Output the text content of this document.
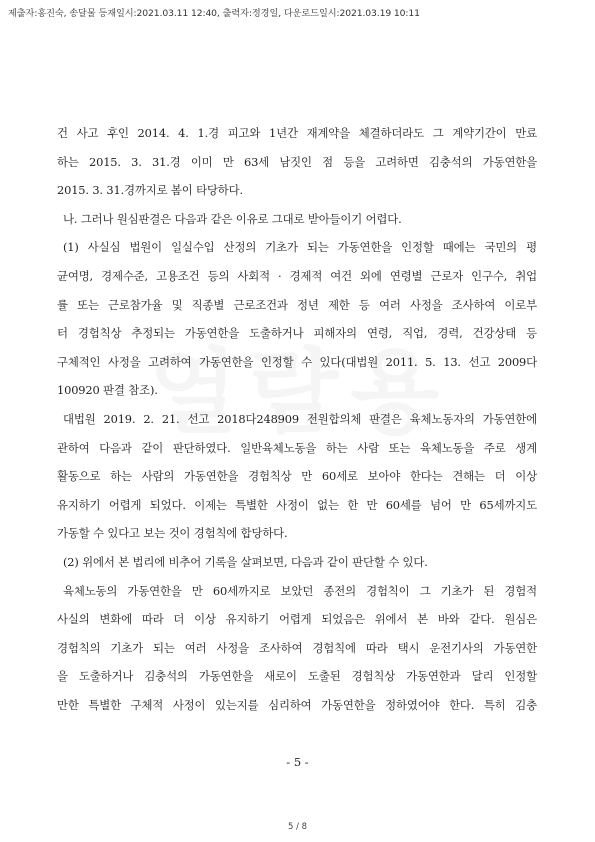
제출자:홍진숙, 송달물 등재일시:2021.03.11 12:40, 출력자:정경일, 다운로드일시:2021.03.19 10:11
건 사고 후인 2014. 4. 1.경 피고와 1년간 재계약을 체결하더라도 그 계약기간이 만료
하는 2015. 3. 31.경 이미 만 63세 남짓인 점 등을 고려하면 김충석의 가동연한을
2015. 3. 31.경까지로 봄이 타당하다.
나. 그러나 원심판결은 다음과 같은 이유로 그대로 받아들이기 어렵다.
(1) 사실심 법원이 일실수입 산정의 기초가 되는 가동연한을 인정할 때에는 국민의 평
균여명, 경제수준, 고용조건 등의 사회적 · 경제적 여건 외에 연령별 근로자 인구수, 취업
률 또는 근로참가율 및 직종별 근로조건과 정년 제한 등 여러 사정을 조사하여 이로부
터 경험칙상 추정되는 가동연한을 도출하거나 피해자의 연령, 직업, 경력, 건강상태 등
구체적인 사정을 고려하여 가동연한을 인정할 수 있다(대법원 2011. 5. 13. 선고 2009다
100920 판결 참조).
대법원 2019. 2. 21. 선고 2018다248909 전원합의체 판결은 육체노동자의 가동연한에
관하여 다음과 같이 판단하였다. 일반육체노동을 하는 사람 또는 육체노동을 주로 생계
활동으로 하는 사람의 가동연한을 경험칙상 만 60세로 보아야 한다는 견해는 더 이상
유지하기 어렵게 되었다. 이제는 특별한 사정이 없는 한 만 60세를 넘어 만 65세까지도
가동할 수 있다고 보는 것이 경험칙에 합당하다.
(2) 위에서 본 법리에 비추어 기록을 살펴보면, 다음과 같이 판단할 수 있다.
육체노동의 가동연한을 만 60세까지로 보았던 종전의 경험칙이 그 기초가 된 경험적
사실의 변화에 따라 더 이상 유지하기 어렵게 되었음은 위에서 본 바와 같다. 원심은
경험칙의 기초가 되는 여러 사정을 조사하여 경험칙에 따라 택시 운전기사의 가동연한
을 도출하거나 김충석의 가동연한을 새로이 도출된 경험칙상 가동연한과 달리 인정할
만한 특별한 구체적 사정이 있는지를 심리하여 가동연한을 정하였어야 한다. 특히 김충
- 5 -
5 / 8
